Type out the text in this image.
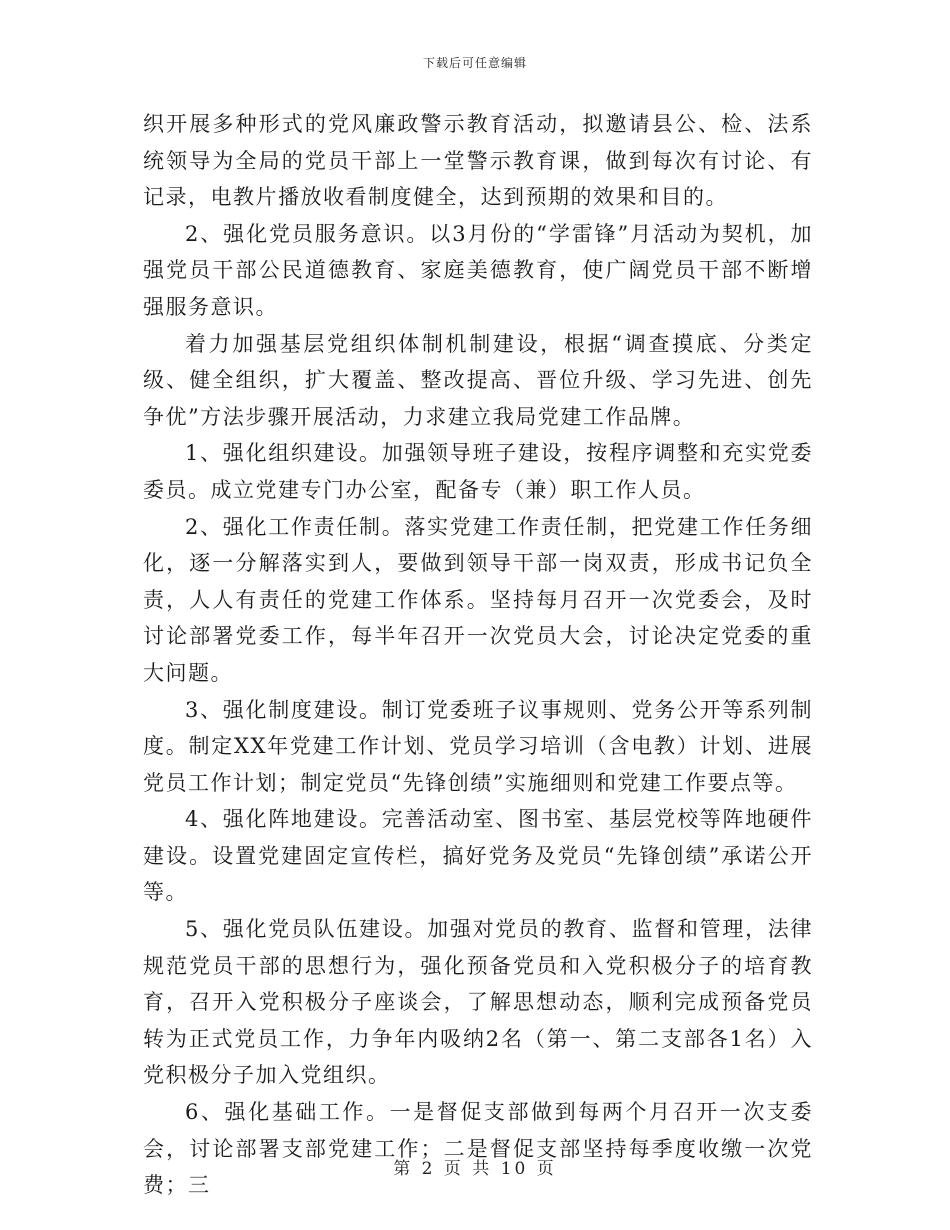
下载后可任意编辑

织开展多种形式的党风廉政警示教育活动，拟邀请县公、检、法系统领导为全局的党员干部上一堂警示教育课，做到每次有讨论、有记录，电教片播放收看制度健全，达到预期的效果和目的。

2、强化党员服务意识。以3月份的“学雷锋”月活动为契机，加强党员干部公民道德教育、家庭美德教育，使广阔党员干部不断增强服务意识。

着力加强基层党组织体制机制建设，根据“调查摸底、分类定级、健全组织，扩大覆盖、整改提高、晋位升级、学习先进、创先争优”方法步骤开展活动，力求建立我局党建工作品牌。

1、强化组织建设。加强领导班子建设，按程序调整和充实党委委员。成立党建专门办公室，配备专（兼）职工作人员。

2、强化工作责任制。落实党建工作责任制，把党建工作任务细化，逐一分解落实到人，要做到领导干部一岗双责，形成书记负全责，人人有责任的党建工作体系。坚持每月召开一次党委会，及时讨论部署党委工作，每半年召开一次党员大会，讨论决定党委的重大问题。

3、强化制度建设。制订党委班子议事规则、党务公开等系列制度。制定XX年党建工作计划、党员学习培训（含电教）计划、进展党员工作计划；制定党员“先锋创绩”实施细则和党建工作要点等。

4、强化阵地建设。完善活动室、图书室、基层党校等阵地硬件建设。设置党建固定宣传栏，搞好党务及党员“先锋创绩”承诺公开等。

5、强化党员队伍建设。加强对党员的教育、监督和管理，法律规范党员干部的思想行为，强化预备党员和入党积极分子的培育教育，召开入党积极分子座谈会，了解思想动态，顺利完成预备党员转为正式党员工作，力争年内吸纳2名（第一、第二支部各1名）入党积极分子加入党组织。

6、强化基础工作。一是督促支部做到每两个月召开一次支委会，讨论部署支部党建工作；二是督促支部坚持每季度收缴一次党费；三

第 2 页 共 10 页
